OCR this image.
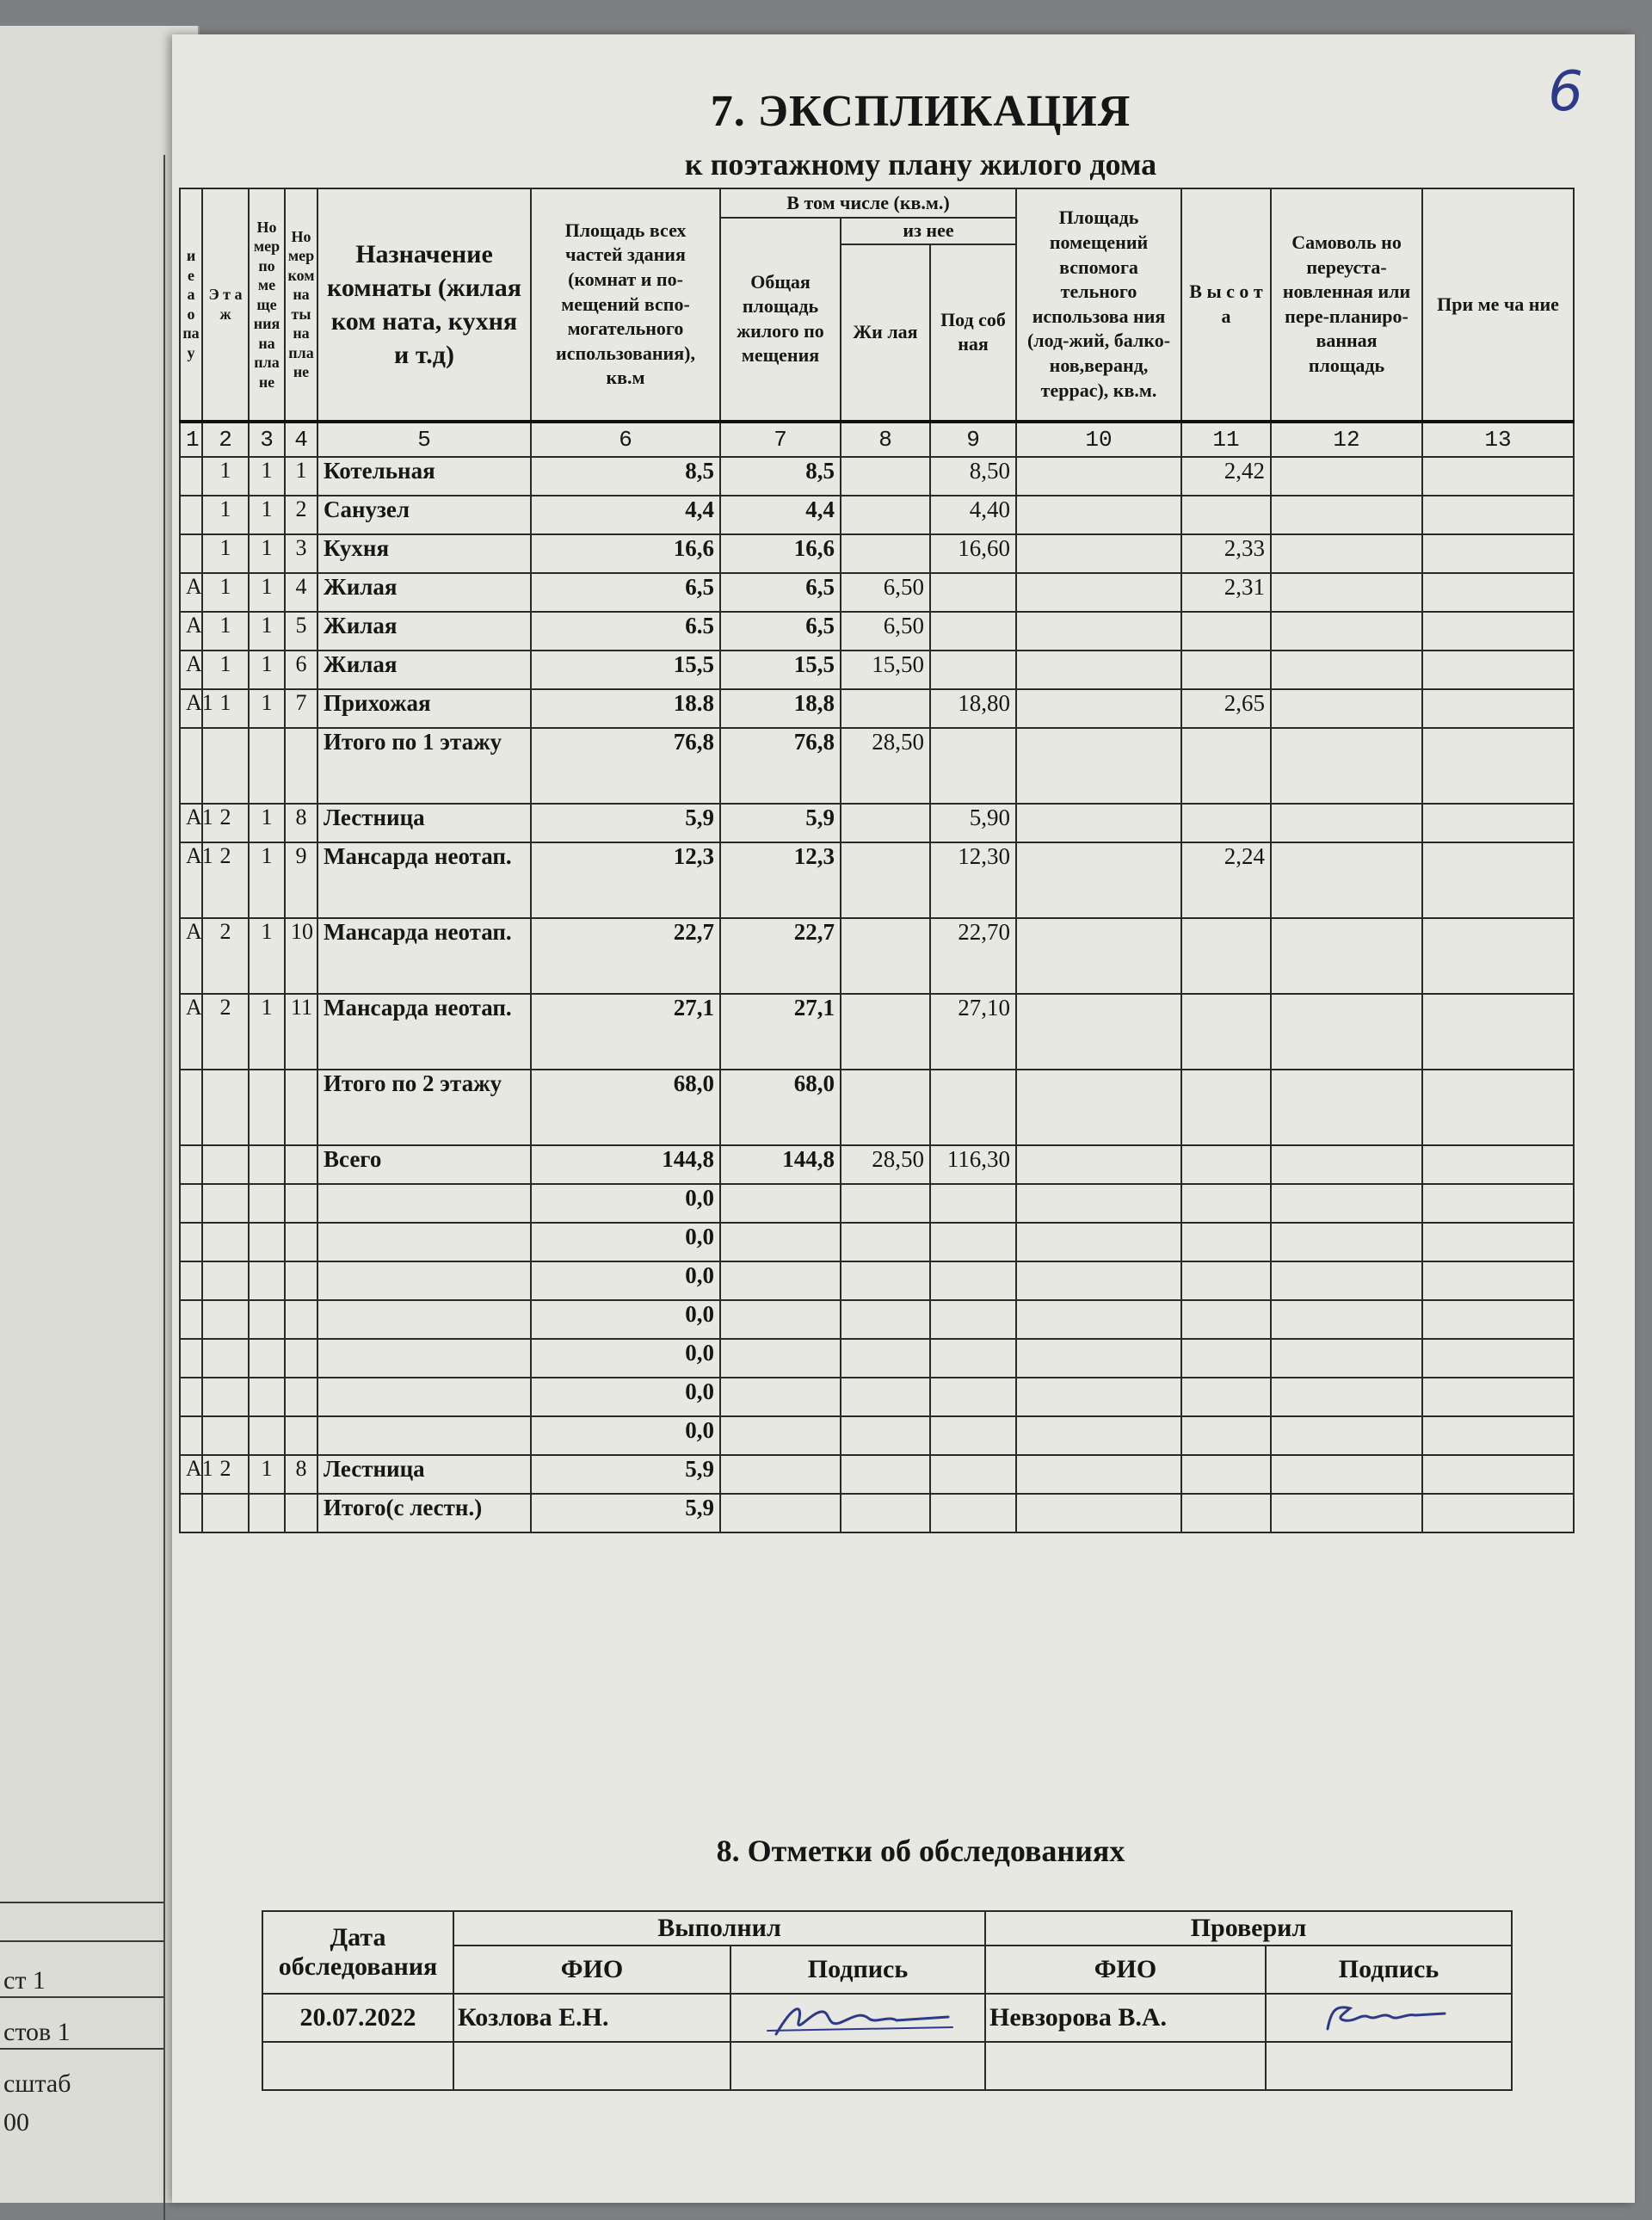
ст 1
стов 1
сштаб
00
6
7. ЭКСПЛИКАЦИЯ
к поэтажному плану жилого дома
и е а о па у	Э т а ж	Но мер по ме ще ния на пла не	Но мер ком на ты на пла не	Назначение комнаты (жилая ком ната, кухня и т.д)	Площадь всех частей здания (комнат и по-мещений вспо-могательного использования), кв.м	В том числе (кв.м.)			Площадь помещений вспомога тельного использова ния (лод-жий, балко-нов,веранд, террас), кв.м.	В ы с о т а	Самоволь но переуста-новленная или пере-планиро-ванная площадь	При ме ча ние
						Общая площадь жилого по мещения	из нее					
							Жи лая	Под соб ная				
1	2	3	4	5	6	7	8	9	10	11	12	13
	1	1	1	Котельная	8,5	8,5		8,50		2,42		
	1	1	2	Санузел	4,4	4,4		4,40				
	1	1	3	Кухня	16,6	16,6		16,60		2,33		
А	1	1	4	Жилая	6,5	6,5	6,50			2,31		
А	1	1	5	Жилая	6.5	6,5	6,50					
А	1	1	6	Жилая	15,5	15,5	15,50					
А1	1	1	7	Прихожая	18.8	18,8		18,80		2,65		
				Итого по 1 этажу	76,8	76,8	28,50					
А1	2	1	8	Лестница	5,9	5,9		5,90				
А1	2	1	9	Мансарда неотап.	12,3	12,3		12,30		2,24		
А	2	1	10	Мансарда неотап.	22,7	22,7		22,70				
А	2	1	11	Мансарда неотап.	27,1	27,1		27,10				
				Итого по 2 этажу	68,0	68,0						
				Всего	144,8	144,8	28,50	116,30				
					0,0							
					0,0							
					0,0							
					0,0							
					0,0							
					0,0							
					0,0							
А1	2	1	8	Лестница	5,9							
				Итого(с лестн.)	5,9							
8. Отметки об обследованиях
Дата обследования	Выполнил		Проверил	
	ФИО	Подпись	ФИО	Подпись
20.07.2022	Козлова Е.Н.		Невзорова В.А.	
